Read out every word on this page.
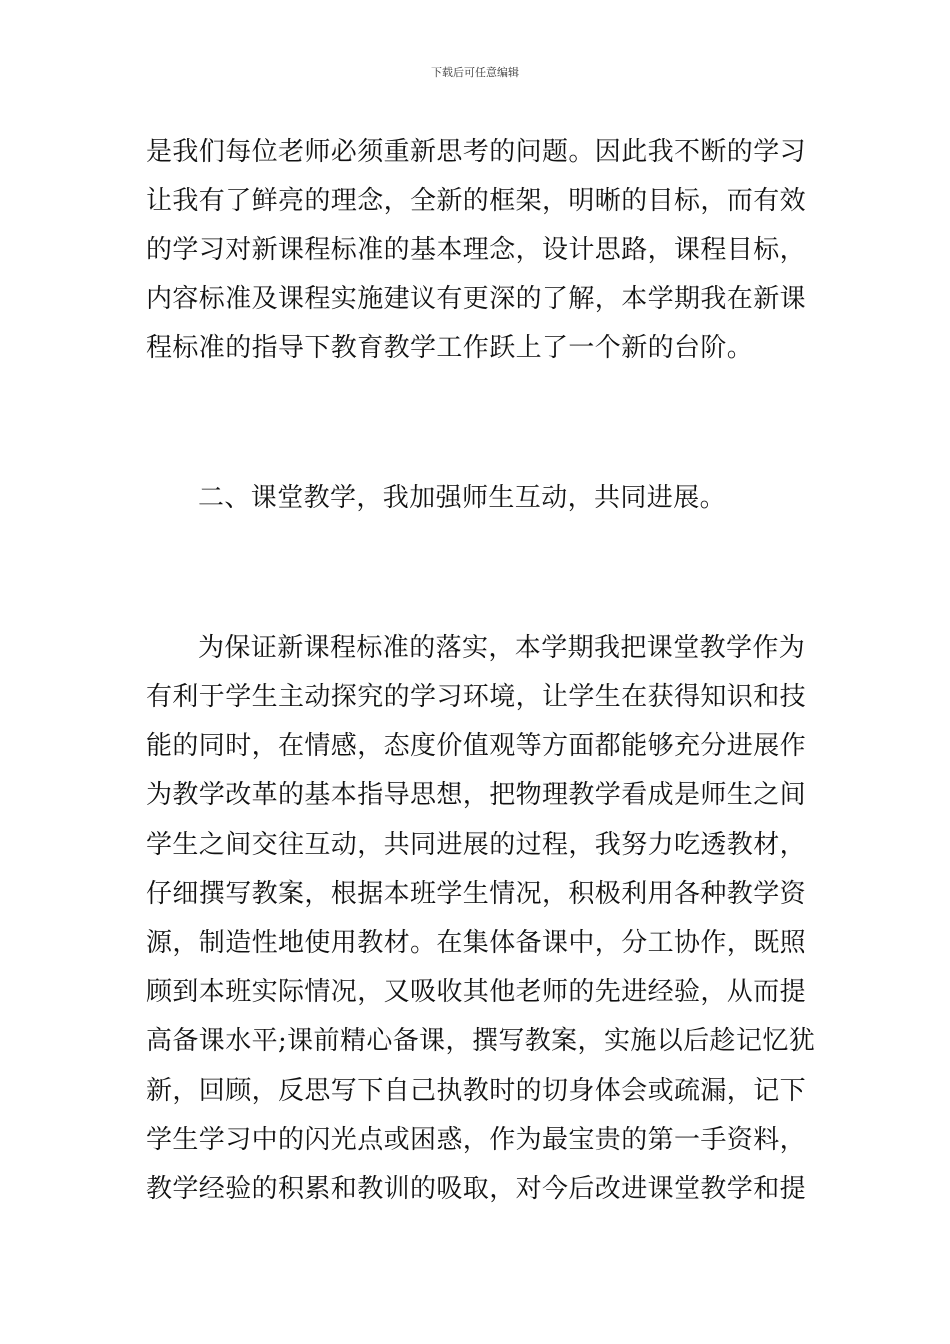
下载后可任意编辑
是我们每位老师必须重新思考的问题。因此我不断的学习
让我有了鲜亮的理念，全新的框架，明晰的目标，而有效
的学习对新课程标准的基本理念，设计思路，课程目标，
内容标准及课程实施建议有更深的了解，本学期我在新课
程标准的指导下教育教学工作跃上了一个新的台阶。
二、课堂教学，我加强师生互动，共同进展。
为保证新课程标准的落实，本学期我把课堂教学作为
有利于学生主动探究的学习环境，让学生在获得知识和技
能的同时，在情感，态度价值观等方面都能够充分进展作
为教学改革的基本指导思想，把物理教学看成是师生之间
学生之间交往互动，共同进展的过程，我努力吃透教材，
仔细撰写教案，根据本班学生情况，积极利用各种教学资
源，制造性地使用教材。在集体备课中，分工协作，既照
顾到本班实际情况，又吸收其他老师的先进经验，从而提
高备课水平;课前精心备课，撰写教案，实施以后趁记忆犹
新，回顾，反思写下自己执教时的切身体会或疏漏，记下
学生学习中的闪光点或困惑，作为最宝贵的第一手资料，
教学经验的积累和教训的吸取，对今后改进课堂教学和提
